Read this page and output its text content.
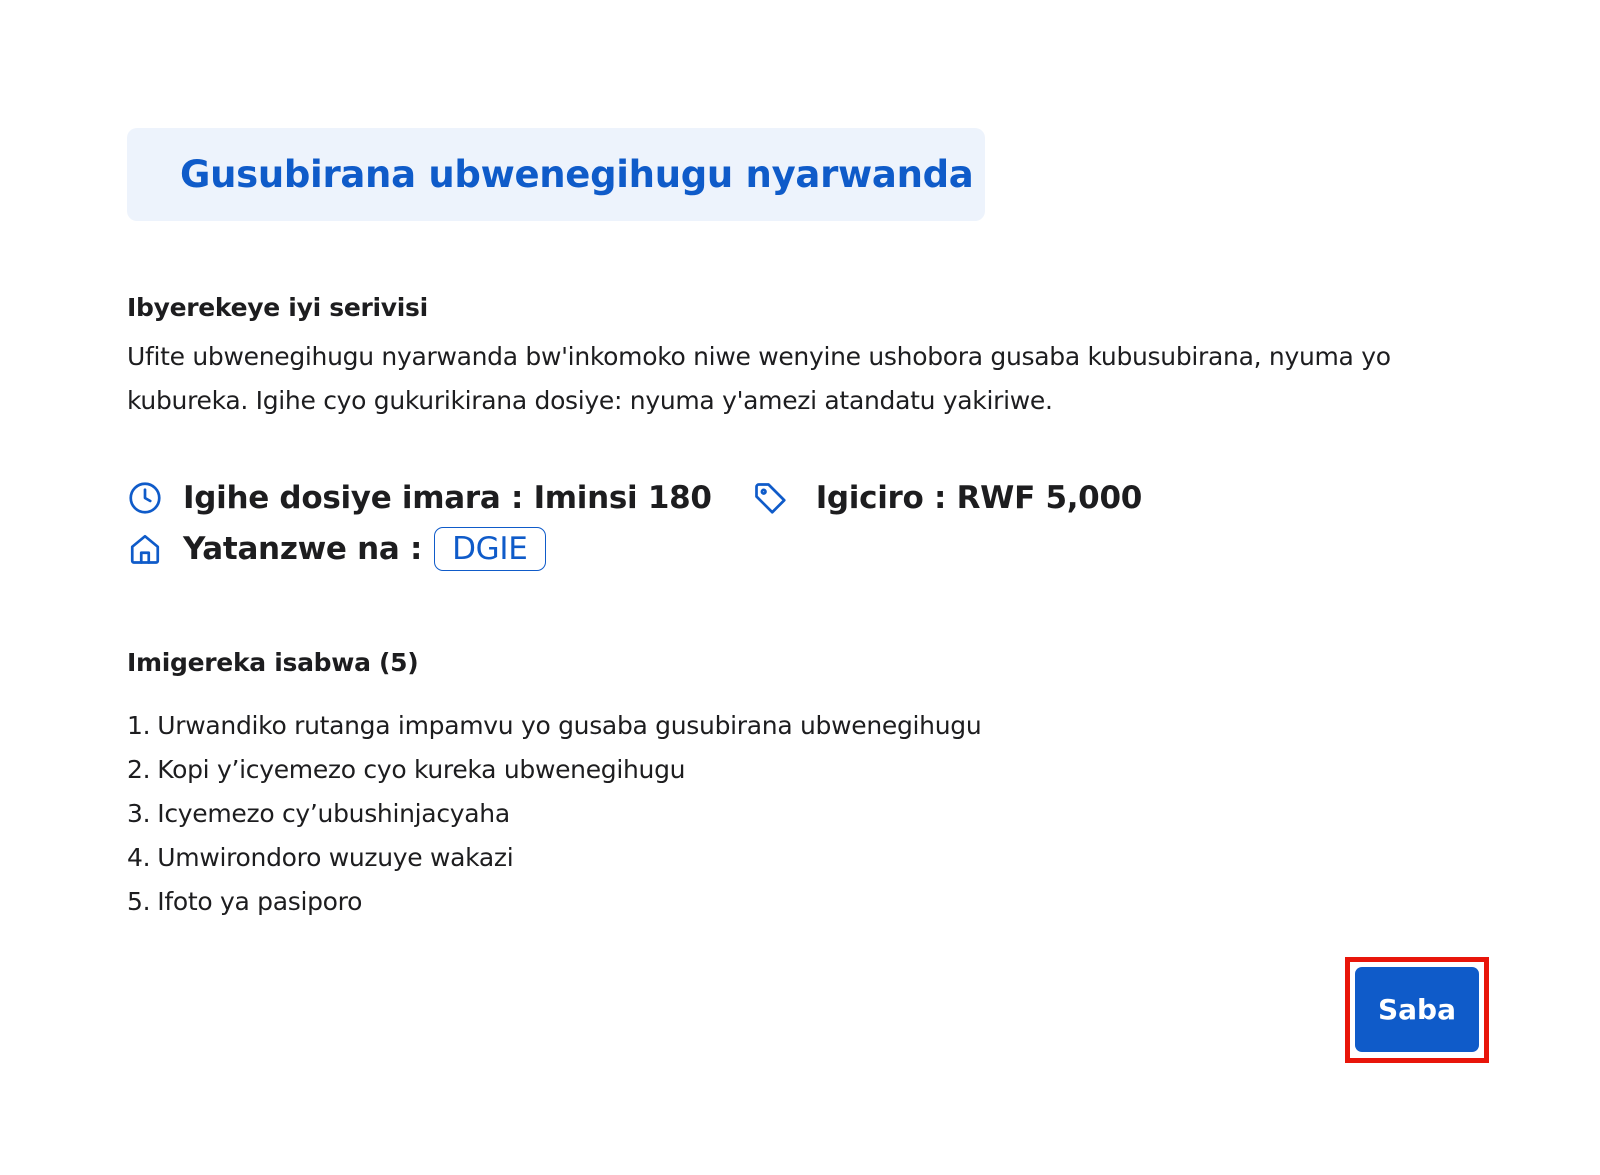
Gusubirana ubwenegihugu nyarwanda
Ibyerekeye iyi serivisi

Ufite ubwenegihugu nyarwanda bw'inkomoko niwe wenyine ushobora gusaba kubusubirana, nyuma yo kubureka. Igihe cyo gukurikirana dosiye: nyuma y'amezi atandatu yakiriwe.

Igihe dosiye imara : Iminsi 180	Igiciro : RWF 5,000
Yatanzwe na : DGIE
Imigereka isabwa (5)
1. Urwandiko rutanga impamvu yo gusaba gusubirana ubwenegihugu
2. Kopi y’icyemezo cyo kureka ubwenegihugu
3. Icyemezo cy’ubushinjacyaha
4. Umwirondoro wuzuye wakazi
5. Ifoto ya pasiporo
Saba
